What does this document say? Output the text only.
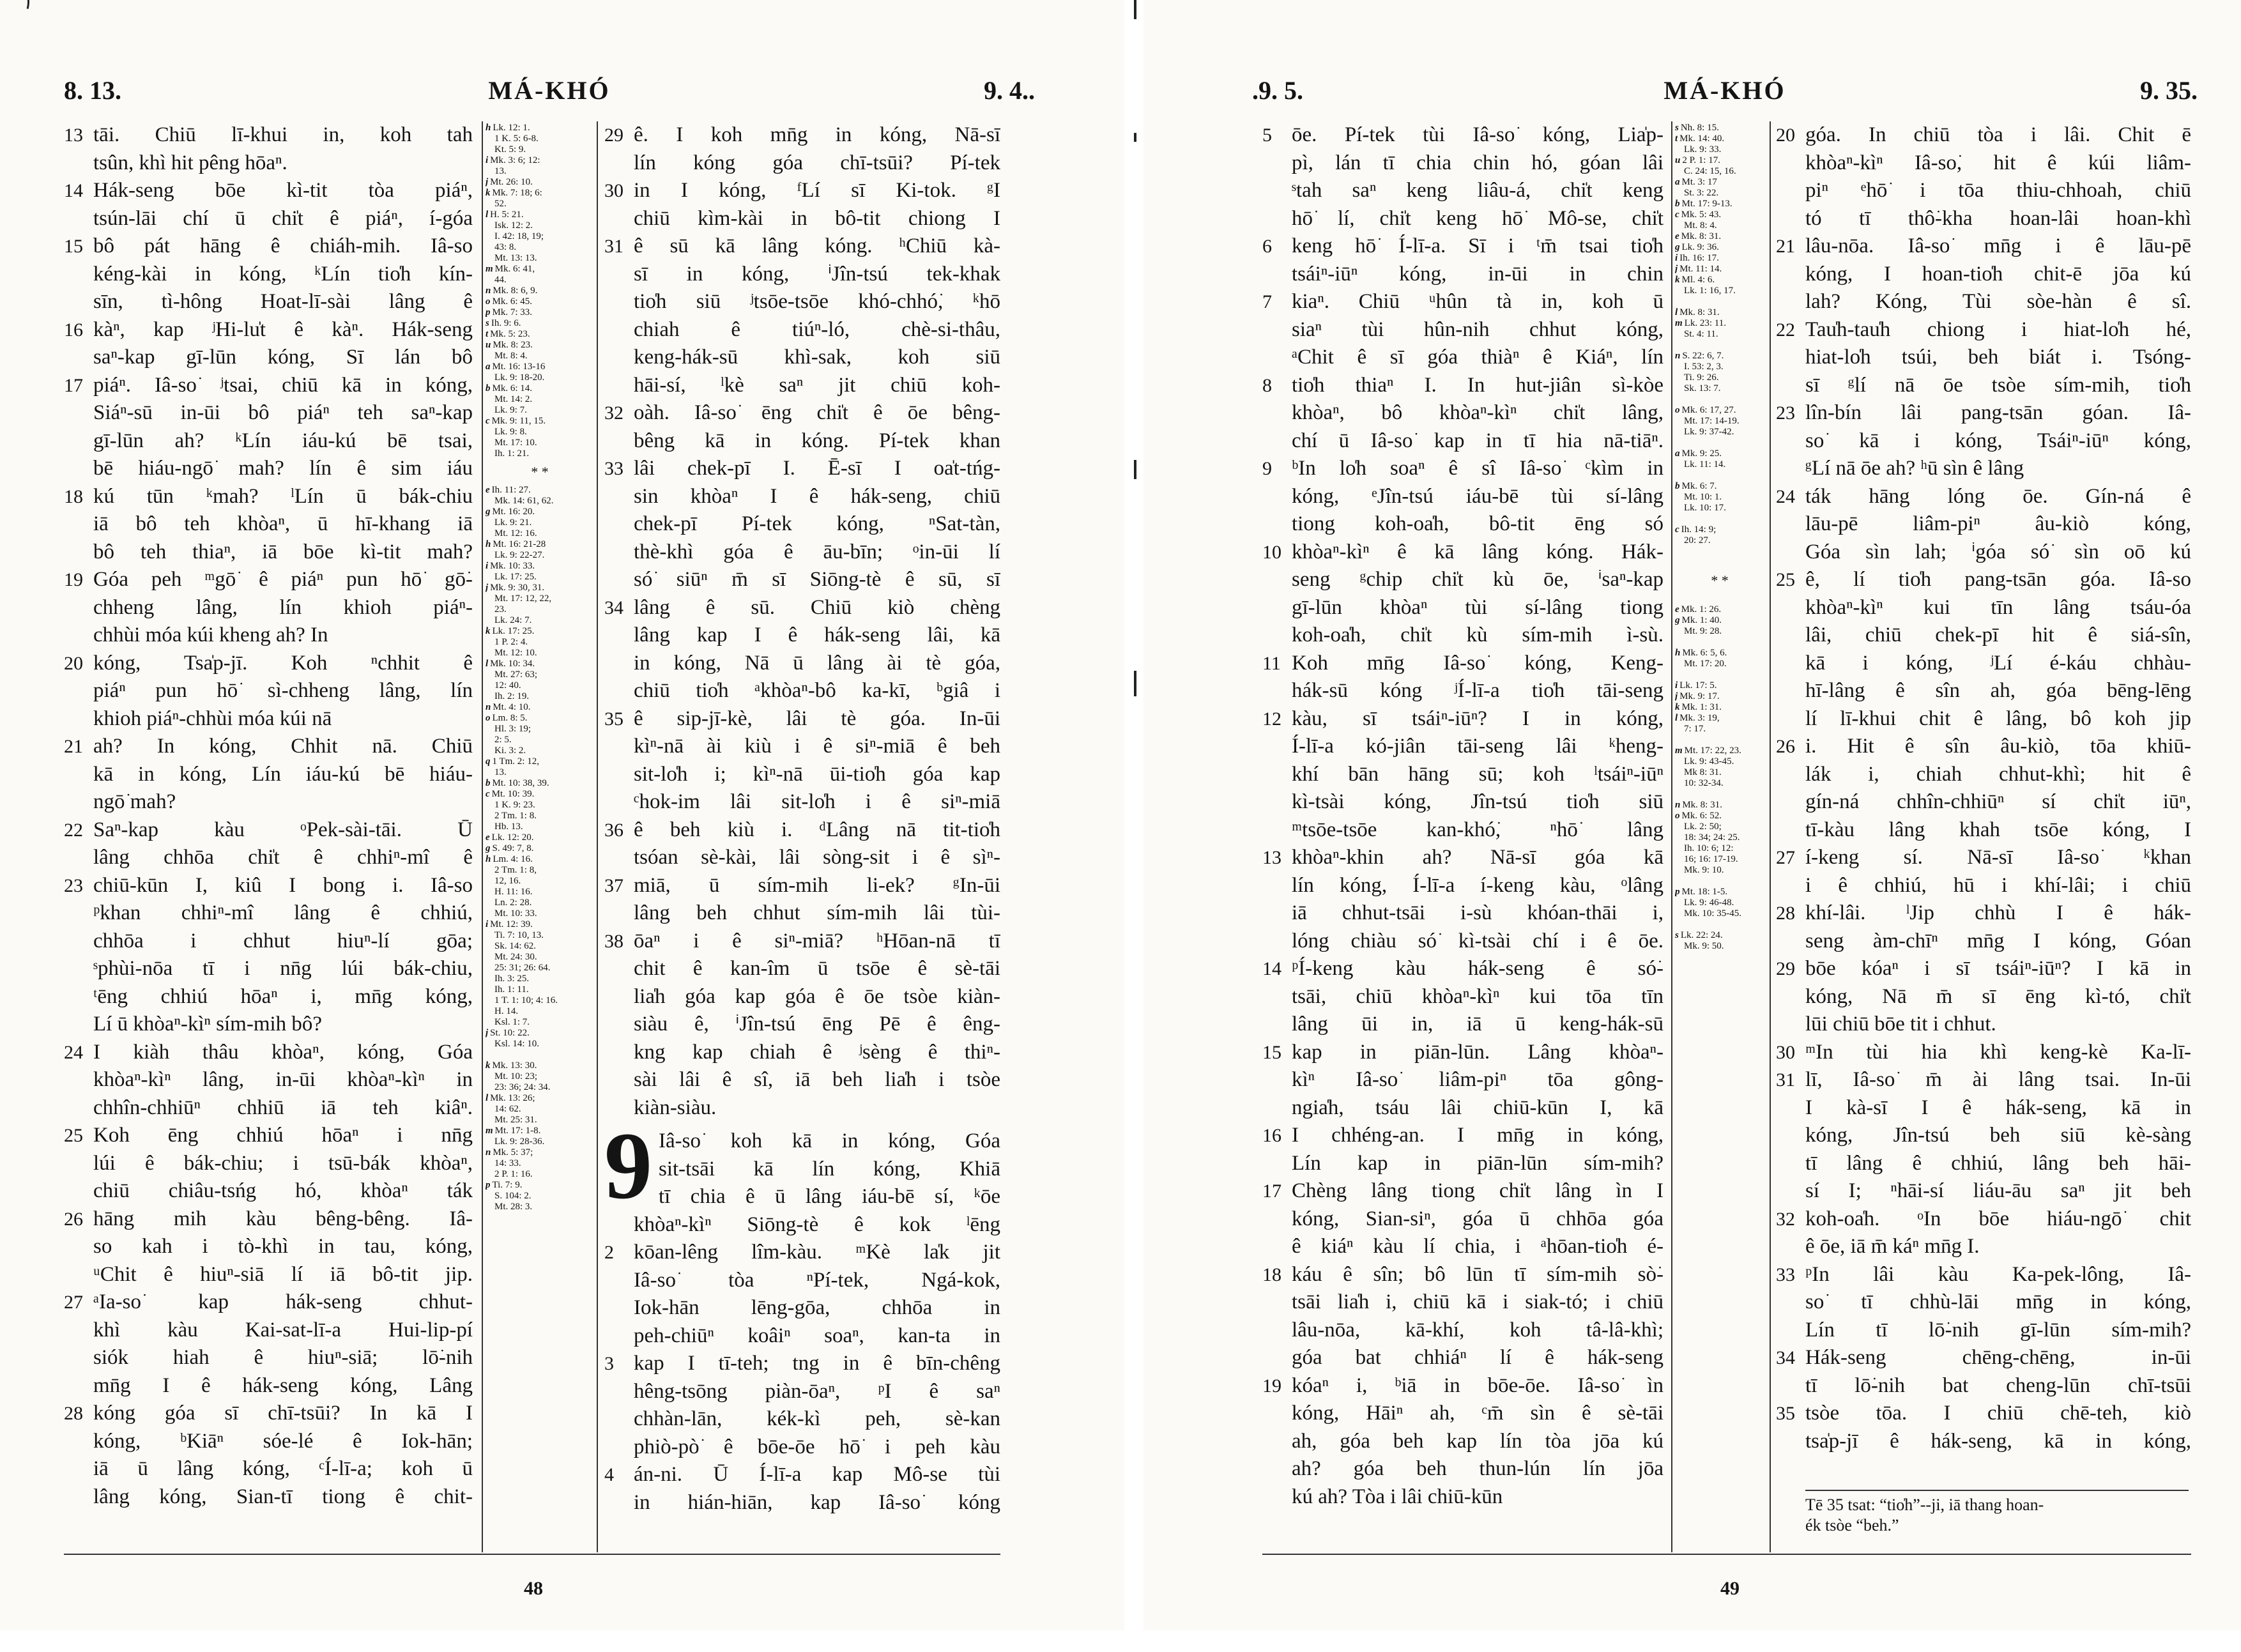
8. 13.	MÁ-KHÓ	9. 4..
13 tāi. Chiū lī-khui in, koh tah
tsûn, khì hit pêng hōaⁿ.
14 Hák-seng bōe kì-tit tòa piáⁿ,
tsún-lāi chí ū chi̍t ê piáⁿ, í-góa
15 bô pát hāng ê chiáh-mih. Iâ-so͘
kéng-kài in kóng, ᵏLín tio̍h kín-
sīn, tì-hông Hoat-lī-sài lâng ê
16 kàⁿ, kap ʲHi-lu̍t ê kàⁿ. Hák-seng
saⁿ-kap gī-lūn kóng, Sī lán bô
17 piáⁿ. Iâ-so͘ ʲtsai, chiū kā in kóng,
Siáⁿ-sū in-ūi bô piáⁿ teh saⁿ-kap
gī-lūn ah? ᵏLín iáu-kú bē tsai,
bē hiáu-ngō͘ mah? lín ê sim iáu
18 kú tūn ᵏmah? ˡLín ū bák-chiu
iā bô teh khòaⁿ, ū hī-khang iā
bô teh thiaⁿ, iā bōe kì-tit mah?
19 Góa peh ᵐgō͘ ê piáⁿ pun hō͘ gō͘-
chheng lâng, lín khioh piáⁿ-
chhùi móa kúi kheng ah? In
20 kóng, Tsa̍p-jī. Koh ⁿchhit ê
piáⁿ pun hō͘ sì-chheng lâng, lín
khioh piáⁿ-chhùi móa kúi nā
21 ah? In kóng, Chhit nā. Chiū
kā in kóng, Lín iáu-kú bē hiáu-
ngō͘ mah?
22 Saⁿ-kap kàu ᵒPek-sài-tāi. Ū
lâng chhōa chi̍t ê chhiⁿ-mî ê
23 chiū-kūn I, kiû I bong i. Iâ-so͘
ᵖkhan chhiⁿ-mî lâng ê chhiú,
chhōa i chhut hiuⁿ-lí gōa;
ˢphùi-nōa tī i nn̄g lúi bák-chiu,
ᵗēng chhiú hōaⁿ i, mn̄g kóng,
Lí ū khòaⁿ-kìⁿ sím-mih bô?
24 I kiàh thâu khòaⁿ, kóng, Góa
khòaⁿ-kìⁿ lâng, in-ūi khòaⁿ-kìⁿ in
chhîn-chhiūⁿ chhiū iā teh kiâⁿ.
25 Koh ēng chhiú hōaⁿ i nn̄g
lúi ê bák-chiu; i tsū-bák khòaⁿ,
chiū chiâu-tsńg hó, khòaⁿ ták
26 hāng mih kàu bêng-bêng. Iâ-
so kah i tò-khì in tau, kóng,
ᵘChit ê hiuⁿ-siā lí iā bô-tit jip.
27 ᵃIa-so͘ kap hák-seng chhut-
khì kàu Kai-sat-lī-a Hui-lip-pí
siók hiah ê hiuⁿ-siā; lō͘-nih
mn̄g I ê hák-seng kóng, Lâng
28 kóng góa sī chī-tsūi? In kā I
kóng, ᵇKiāⁿ sóe-lé ê Iok-hān;
iā ū lâng kóng, ᶜÍ-lī-a; koh ū
lâng kóng, Sian-tī tiong ê chit-
h Lk. 12: 1.
1 K. 5: 6-8.
Kt. 5: 9.
i Mk. 3: 6; 12:
13.
j Mt. 26: 10.
k Mk. 7: 18; 6:
52.
l H. 5: 21.
Isk. 12: 2.
I. 42: 18, 19;
43: 8.
Mt. 13: 13.
m Mk. 6: 41,
44.
n Mk. 8: 6, 9.
o Mk. 6: 45.
p Mk. 7: 33.
s Ih. 9: 6.
t Mk. 5: 23.
u Mk. 8: 23.
Mt. 8: 4.
a Mt. 16: 13-16
Lk. 9: 18-20.
b Mk. 6: 14.
Mt. 14: 2.
Lk. 9: 7.
c Mk. 9: 11, 15.
Lk. 9: 8.
Mt. 17: 10.
Ih. 1: 21.
* *
e Ih. 11: 27.
Mk. 14: 61, 62.
g Mt. 16: 20.
Lk. 9: 21.
Mt. 12: 16.
h Mt. 16: 21-28
Lk. 9: 22-27.
i Mk. 10: 33.
Lk. 17: 25.
j Mk. 9: 30, 31.
Mt. 17: 12, 22,
23.
Lk. 24: 7.
k Lk. 17: 25.
1 P. 2: 4.
Mt. 12: 10.
l Mk. 10: 34.
Mt. 27: 63;
12: 40.
Ih. 2: 19.
n Mt. 4: 10.
o Lm. 8: 5.
Hl. 3: 19;
2: 5.
Ki. 3: 2.
q 1 Tm. 2: 12,
13.
b Mt. 10: 38, 39.
c Mt. 10: 39.
1 K. 9: 23.
2 Tm. 1: 8.
Hb. 13.
e Lk. 12: 20.
g S. 49: 7, 8.
h Lm. 4: 16.
2 Tm. 1: 8,
12, 16.
H. 11: 16.
Ln. 2: 28.
Mt. 10: 33.
i Mt. 12: 39.
Ti. 7: 10, 13.
Sk. 14: 62.
Mt. 24: 30.
25: 31; 26: 64.
Ih. 3: 25.
Ih. 1: 11.
1 T. 1: 10; 4: 16.
H. 14.
Ksl. 1: 7.
j St. 10: 22.
Ksl. 14: 10.

k Mk. 13: 30.
Mt. 10: 23;
23: 36; 24: 34.
l Mk. 13: 26;
14: 62.
Mt. 25: 31.
m Mt. 17: 1-8.
Lk. 9: 28-36.
n Mk. 5: 37;
14: 33.
2 P. 1: 16.
p Ti. 7: 9.
S. 104: 2.
Mt. 28: 3.
29 ê. I koh mn̄g in kóng, Nā-sī
lín kóng góa chī-tsūi? Pí-tek
30 in I kóng, ᶠLí sī Ki-tok. ᵍI
chiū kìm-kài in bô-tit chiong I
31 ê sū kā lâng kóng. ʰChiū kà-
sī in kóng, ⁱJîn-tsú tek-khak
tio̍h siū ʲtsōe-tsōe khó-chhó͘, ᵏhō͘
chiah ê tiúⁿ-ló, chè-si-thâu,
keng-hák-sū khì-sak, koh siū
hāi-sí, ˡkè saⁿ jit chiū koh-
32 oàh. Iâ-so͘ ēng chi̍t ê ōe bêng-
bêng kā in kóng. Pí-tek khan
33 lâi chek-pī I. Ē-sī I oa̍t-tńg-
sin khòaⁿ I ê hák-seng, chiū
chek-pī Pí-tek kóng, ⁿSat-tàn,
thè-khì góa ê āu-bīn; ᵒin-ūi lí
só͘ siūⁿ m̄ sī Siōng-tè ê sū, sī
34 lâng ê sū. Chiū kiò chèng
lâng kap I ê hák-seng lâi, kā
in kóng, Nā ū lâng ài tè góa,
chiū tio̍h ᵃkhòaⁿ-bô ka-kī, ᵇgiâ i
35 ê sip-jī-kè, lâi tè góa. In-ūi
kìⁿ-nā ài kiù i ê siⁿ-miā ê beh
sit-lo̍h i; kìⁿ-nā ūi-tio̍h góa kap
ᶜhok-im lâi sit-lo̍h i ê siⁿ-miā
36 ê beh kiù i. ᵈLâng nā tit-tio̍h
tsóan sè-kài, lâi sòng-sit i ê sìⁿ-
37 miā, ū sím-mih li-ek? ᵍIn-ūi
lâng beh chhut sím-mih lâi tùi-
38 ōaⁿ i ê siⁿ-miā? ʰHōan-nā tī
chit ê kan-îm ū tsōe ê sè-tāi
lia̍h góa kap góa ê ōe tsòe kiàn-
siàu ê, ⁱJîn-tsú ēng Pē ê êng-
kng kap chiah ê ʲsèng ê thiⁿ-
sài lâi ê sî, iā beh lia̍h i tsòe
kiàn-siàu.
9 Iâ-so͘ koh kā in kóng, Góa
sit-tsāi kā lín kóng, Khiā
tī chia ê ū lâng iáu-bē sí, ᵏōe
khòaⁿ-kìⁿ Siōng-tè ê kok ˡēng
2 kōan-lêng lîm-kàu. ᵐKè la̍k jit
Iâ-so͘ tòa ⁿPí-tek, Ngá-kok,
Iok-hān lēng-gōa, chhōa in
peh-chiūⁿ koâiⁿ soaⁿ, kan-ta in
3 kap I tī-teh; tng in ê bīn-chêng
hêng-tsōng piàn-ōaⁿ, ᵖI ê saⁿ
chhàn-lān, kék-kì peh, sè-kan
phiò-pò͘ ê bōe-ōe hō͘ i peh kàu
4 án-ni. Ū Í-lī-a kap Mô-se tùi
in hián-hiān, kap Iâ-so͘ kóng
48
.9. 5.	MÁ-KHÓ	9. 35.
5 ōe. Pí-tek tùi Iâ-so͘ kóng, Lia̍p-
pì, lán tī chia chin hó, góan lâi
ˢtah saⁿ keng liâu-á, chi̍t keng
hō͘ lí, chi̍t keng hō͘ Mô-se, chi̍t
6 keng hō͘ Í-lī-a. Sī i ᵗm̄ tsai tio̍h
tsáiⁿ-iūⁿ kóng, in-ūi in chin
7 kiaⁿ. Chiū ᵘhûn tà in, koh ū
siaⁿ tùi hûn-nih chhut kóng,
ᵃChit ê sī góa thiàⁿ ê Kiáⁿ, lín
8 tio̍h thiaⁿ I. In hut-jiân sì-kòe
khòaⁿ, bô khòaⁿ-kìⁿ chi̍t lâng,
chí ū Iâ-so͘ kap in tī hia nā-tiāⁿ.
9 ᵇIn lo̍h soaⁿ ê sî Iâ-so͘ ᶜkìm in
kóng, ᵉJîn-tsú iáu-bē tùi sí-lâng
tiong koh-oa̍h, bô-tit ēng só͘
10 khòaⁿ-kìⁿ ê kā lâng kóng. Hák-
seng ᵍchip chi̍t kù ōe, ⁱsaⁿ-kap
gī-lūn khòaⁿ tùi sí-lâng tiong
koh-oa̍h, chi̍t kù sím-mih ì-sù.
11 Koh mn̄g Iâ-so͘ kóng, Keng-
hák-sū kóng ʲÍ-lī-a tio̍h tāi-seng
12 kàu, sī tsáiⁿ-iūⁿ? I in kóng,
Í-lī-a kó-jiân tāi-seng lâi ᵏheng-
khí bān hāng sū; koh ˡtsáiⁿ-iūⁿ
kì-tsài kóng, Jîn-tsú tio̍h siū
ᵐtsōe-tsōe kan-khó͘, ⁿhō͘ lâng
13 khòaⁿ-khin ah? Nā-sī góa kā
lín kóng, Í-lī-a í-keng kàu, ᵒlâng
iā chhut-tsāi i-sù khóan-thāi i,
lóng chiàu só͘ kì-tsài chí i ê ōe.
14 ᵖÍ-keng kàu hák-seng ê só͘-
tsāi, chiū khòaⁿ-kìⁿ kui tōa tīn
lâng ūi in, iā ū keng-hák-sū
15 kap in piān-lūn. Lâng khòaⁿ-
kìⁿ Iâ-so͘ liâm-piⁿ tōa gông-
ngia̍h, tsáu lâi chiū-kūn I, kā
16 I chhéng-an. I mn̄g in kóng,
Lín kap in piān-lūn sím-mih?
17 Chèng lâng tiong chi̍t lâng ìn I
kóng, Sian-siⁿ, góa ū chhōa góa
ê kiáⁿ kàu lí chia, i ᵃhōan-tio̍h é-
18 káu ê sîn; bô lūn tī sím-mih sò͘-
tsāi lia̍h i, chiū kā i siak-tó; i chiū
lâu-nōa, kā-khí, koh tâ-lâ-khì;
góa bat chhiáⁿ lí ê hák-seng
19 kóaⁿ i, ᵇiā in bōe-ōe. Iâ-so͘ ìn
kóng, Hāiⁿ ah, ᶜm̄ sìn ê sè-tāi
ah, góa beh kap lín tòa jōa kú
ah? góa beh thun-lún lín jōa
kú ah? Tòa i lâi chiū-kūn
s Nh. 8: 15.
t Mk. 14: 40.
Lk. 9: 33.
u 2 P. 1: 17.
C. 24: 15, 16.
a Mt. 3: 17
St. 3: 22.
b Mt. 17: 9-13.
c Mk. 5: 43.
Mt. 8: 4.
e Mk. 8: 31.
g Lk. 9: 36.
i Ih. 16: 17.
j Mt. 11: 14.
k Ml. 4: 6.
Lk. 1: 16, 17.

l Mk. 8: 31.
m Lk. 23: 11.
St. 4: 11.

n S. 22: 6, 7.
I. 53: 2, 3.
Ti. 9: 26.
Sk. 13: 7.

o Mk. 6: 17, 27.
Mt. 17: 14-19.
Lk. 9: 37-42.

a Mk. 9: 25.
Lk. 11: 14.

b Mk. 6: 7.
Mt. 10: 1.
Lk. 10: 17.

c Ih. 14: 9;
20: 27.

* *

e Mk. 1: 26.
g Mk. 1: 40.
Mt. 9: 28.

h Mk. 6: 5, 6.
Mt. 17: 20.

i Lk. 17: 5.
j Mk. 9: 17.
k Mk. 1: 31.
l Mk. 3: 19,
7: 17.

m Mt. 17: 22, 23.
Lk. 9: 43-45.
Mk 8: 31.
10: 32-34.

n Mk. 8: 31.
o Mk. 6: 52.
Lk. 2: 50;
18: 34; 24: 25.
Ih. 10: 6; 12:
16; 16: 17-19.
Mk. 9: 10.

p Mt. 18: 1-5.
Lk. 9: 46-48.
Mk. 10: 35-45.

s Lk. 22: 24.
Mk. 9: 50.
20 góa. In chiū tòa i lâi. Chit ē
khòaⁿ-kìⁿ Iâ-so͘, hit ê kúi liâm-
piⁿ ᵉhō͘ i tōa thiu-chhoah, chiū
tó tī thô͘-kha hoan-lâi hoan-khì
21 lâu-nōa. Iâ-so͘ mn̄g i ê lāu-pē
kóng, I hoan-tio̍h chit-ē jōa kú
lah? Kóng, Tùi sòe-hàn ê sî.
22 Tau̍h-tau̍h chiong i hiat-lo̍h hé,
hiat-lo̍h tsúi, beh biát i. Tsóng-
sī ᵍlí nā ōe tsòe sím-mih, tio̍h
23 lîn-bín lâi pang-tsān góan. Iâ-
so͘ kā i kóng, Tsáiⁿ-iūⁿ kóng,
ᵍLí nā ōe ah? ʰū sìn ê lâng
24 ták hāng lóng ōe. Gín-ná ê
lāu-pē liâm-piⁿ âu-kiò kóng,
Góa sìn lah; ⁱgóa só͘ sìn oō kú
25 ê, lí tio̍h pang-tsān góa. Iâ-so͘
khòaⁿ-kìⁿ kui tīn lâng tsáu-óa
lâi, chiū chek-pī hit ê siá-sîn,
kā i kóng, ʲLí é-káu chhàu-
hī-lâng ê sîn ah, góa bēng-lēng
lí lī-khui chit ê lâng, bô koh jip
26 i. Hit ê sîn âu-kiò, tōa khiū-
lák i, chiah chhut-khì; hit ê
gín-ná chhîn-chhiūⁿ sí chi̍t iūⁿ,
tī-kàu lâng khah tsōe kóng, I
27 í-keng sí. Nā-sī Iâ-so͘ ᵏkhan
i ê chhiú, hū i khí-lâi; i chiū
28 khí-lâi. ˡJip chhù I ê hák-
seng àm-chīⁿ mn̄g I kóng, Góan
29 bōe kóaⁿ i sī tsáiⁿ-iūⁿ? I kā in
kóng, Nā m̄ sī ēng kì-tó, chi̍t
lūi chiū bōe tit i chhut.
30 ᵐIn tùi hia khì keng-kè Ka-lī-
31 lī, Iâ-so͘ m̄ ài lâng tsai. In-ūi
I kà-sī I ê hák-seng, kā in
kóng, Jîn-tsú beh siū kè-sàng
tī lâng ê chhiú, lâng beh hāi-
sí I; ⁿhāi-sí liáu-āu saⁿ jit beh
32 koh-oa̍h. ᵒIn bōe hiáu-ngō͘ chit
ê ōe, iā m̄ káⁿ mn̄g I.
33 ᵖIn lâi kàu Ka-pek-lông, Iâ-
so͘ tī chhù-lāi mn̄g in kóng,
Lín tī lō͘-nih gī-lūn sím-mih?
34 Hák-seng chēng-chēng, in-ūi
tī lō͘-nih bat cheng-lūn chī-tsūi
35 tsòe tōa. I chiū chē-teh, kiò
tsa̍p-jī ê hák-seng, kā in kóng,
Tē 35 tsat: “tio̍h”--ji, iā thang hoan-
ék tsòe “beh.”
49
